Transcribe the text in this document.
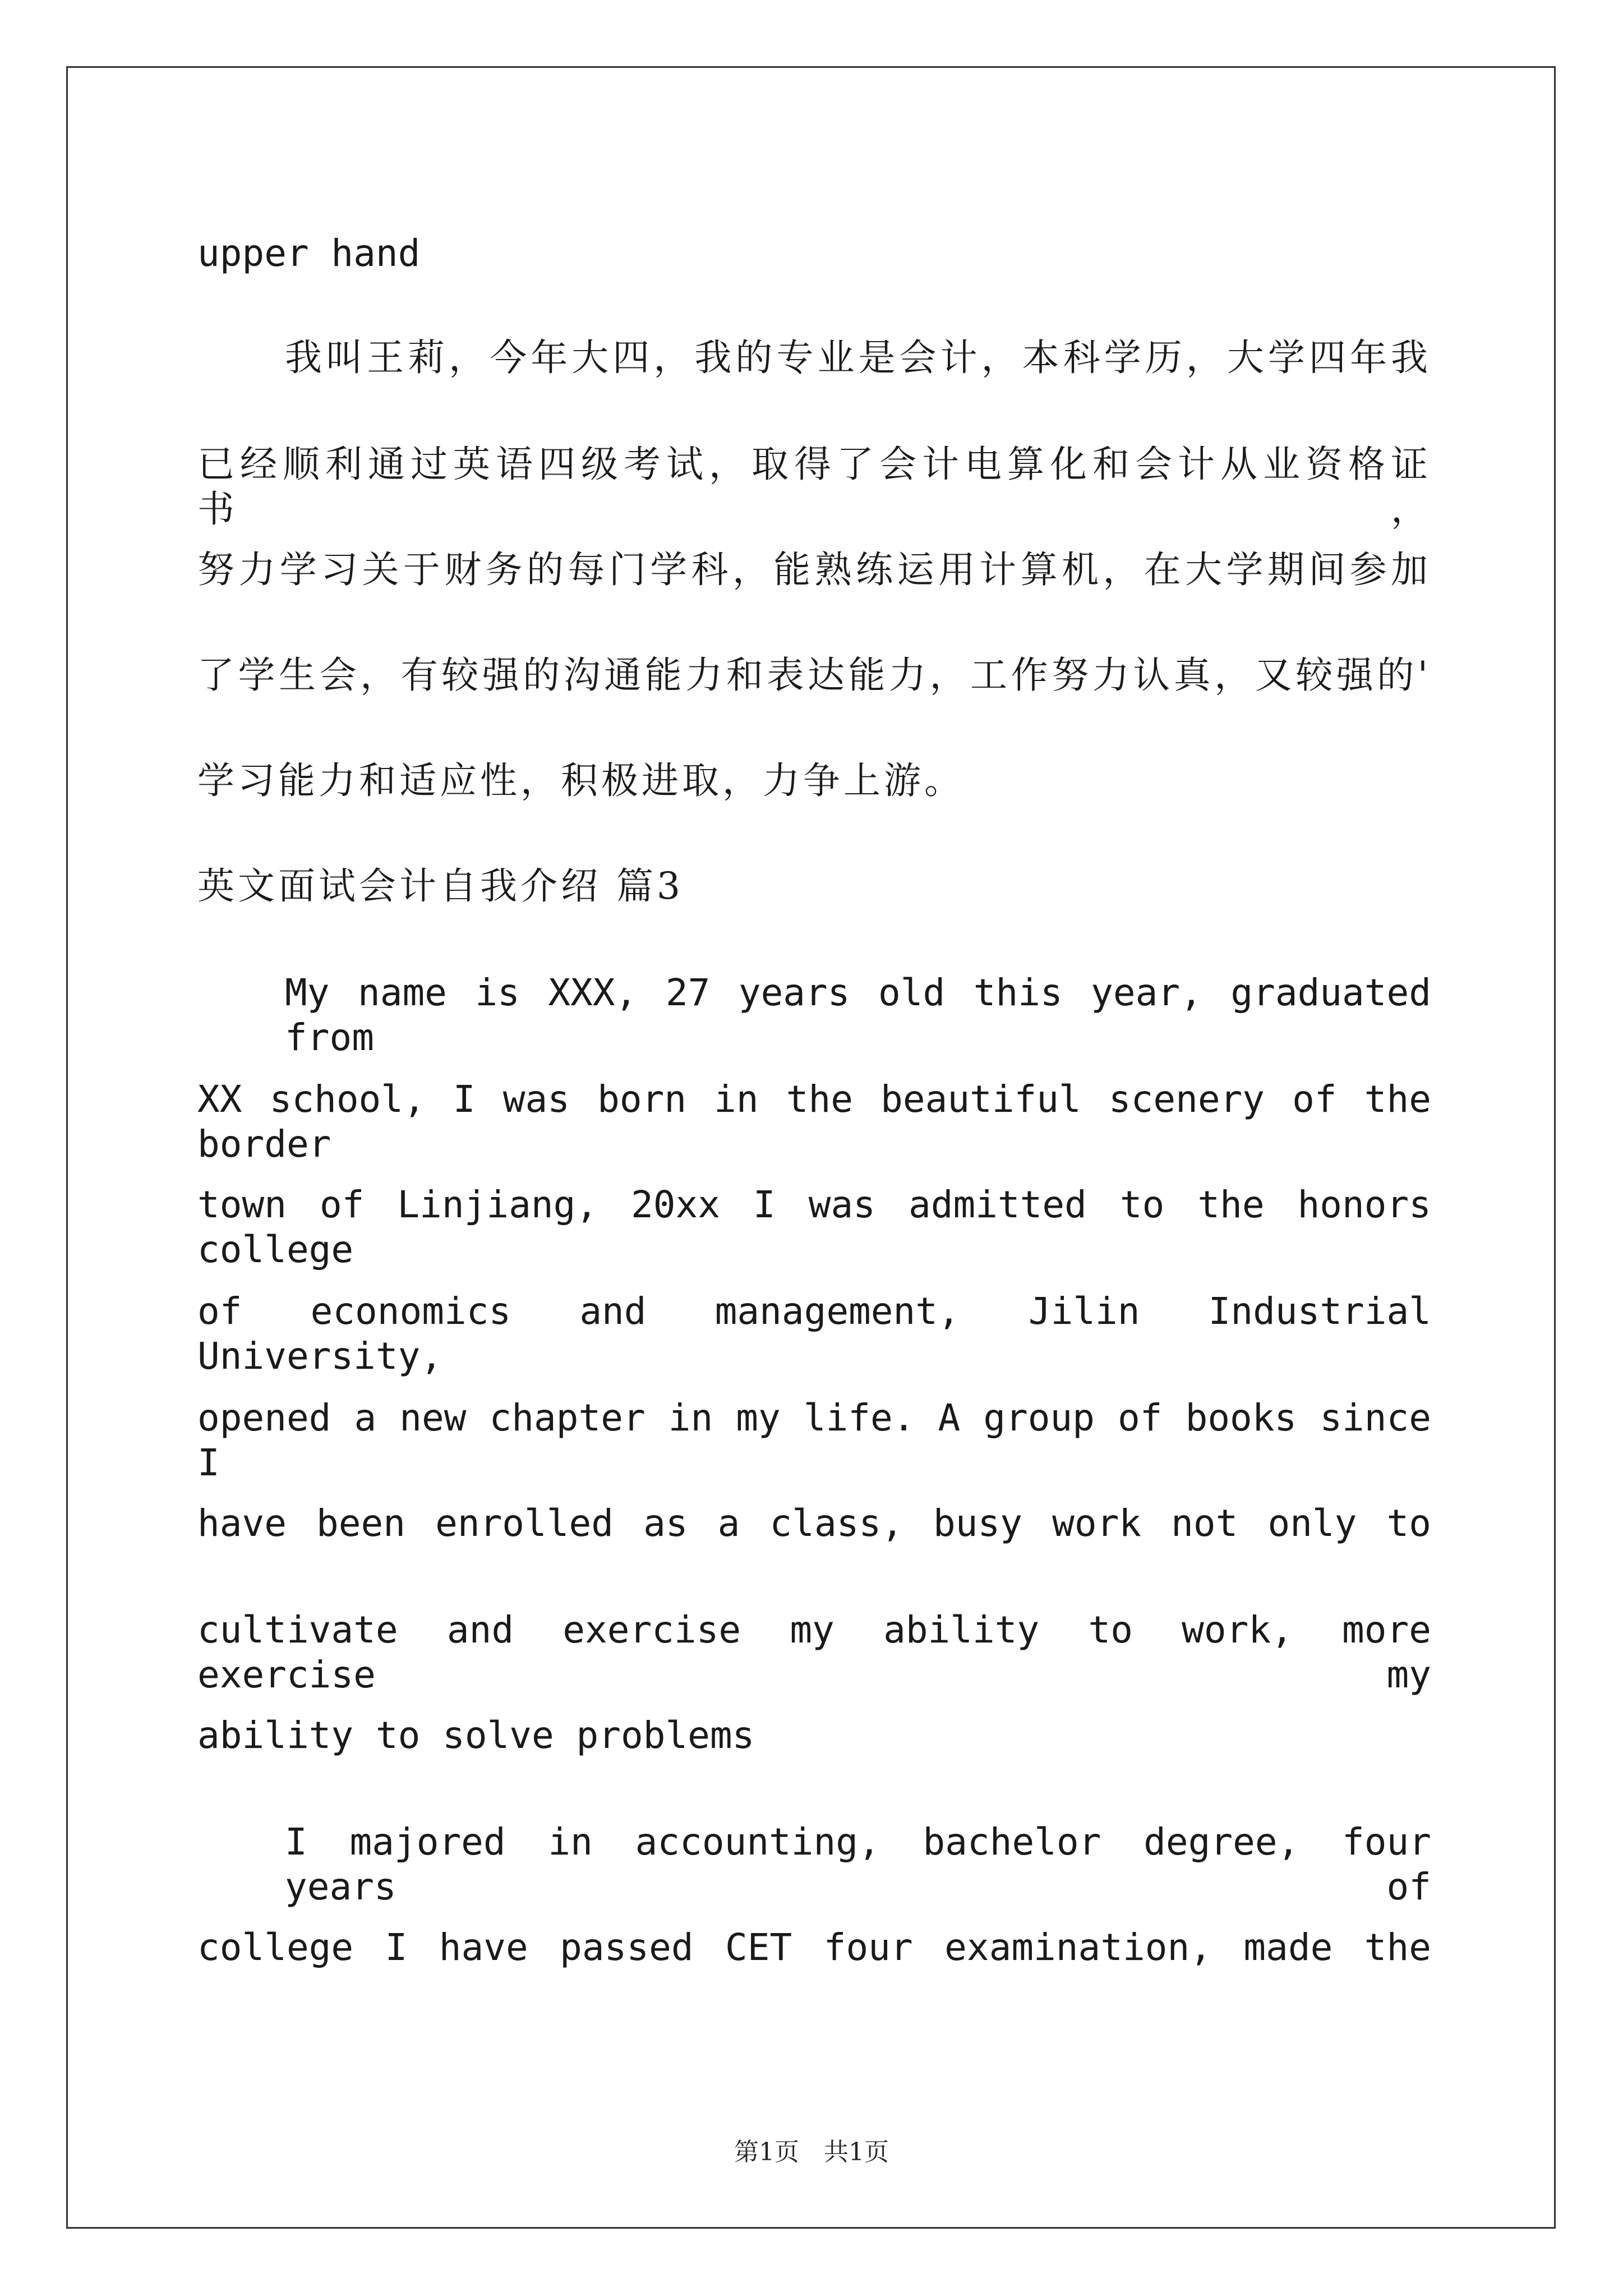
upper hand
我叫王莉，今年大四，我的专业是会计，本科学历，大学四年我
已经顺利通过英语四级考试，取得了会计电算化和会计从业资格证书，
努力学习关于财务的每门学科，能熟练运用计算机，在大学期间参加
了学生会，有较强的沟通能力和表达能力，工作努力认真，又较强的'
学习能力和适应性，积极进取，力争上游。
英文面试会计自我介绍 篇3
My name is XXX, 27 years old this year, graduated from
XX school, I was born in the beautiful scenery of the border
town of Linjiang, 20xx I was admitted to the honors college
of economics and management, Jilin Industrial University,
opened a new chapter in my life. A group of books since I
have been enrolled as a class, busy work not only to
cultivate and exercise my ability to work, more exercise my
ability to solve problems
I majored in accounting, bachelor degree, four years of
college I have passed CET four examination, made the
第1页　共1页
